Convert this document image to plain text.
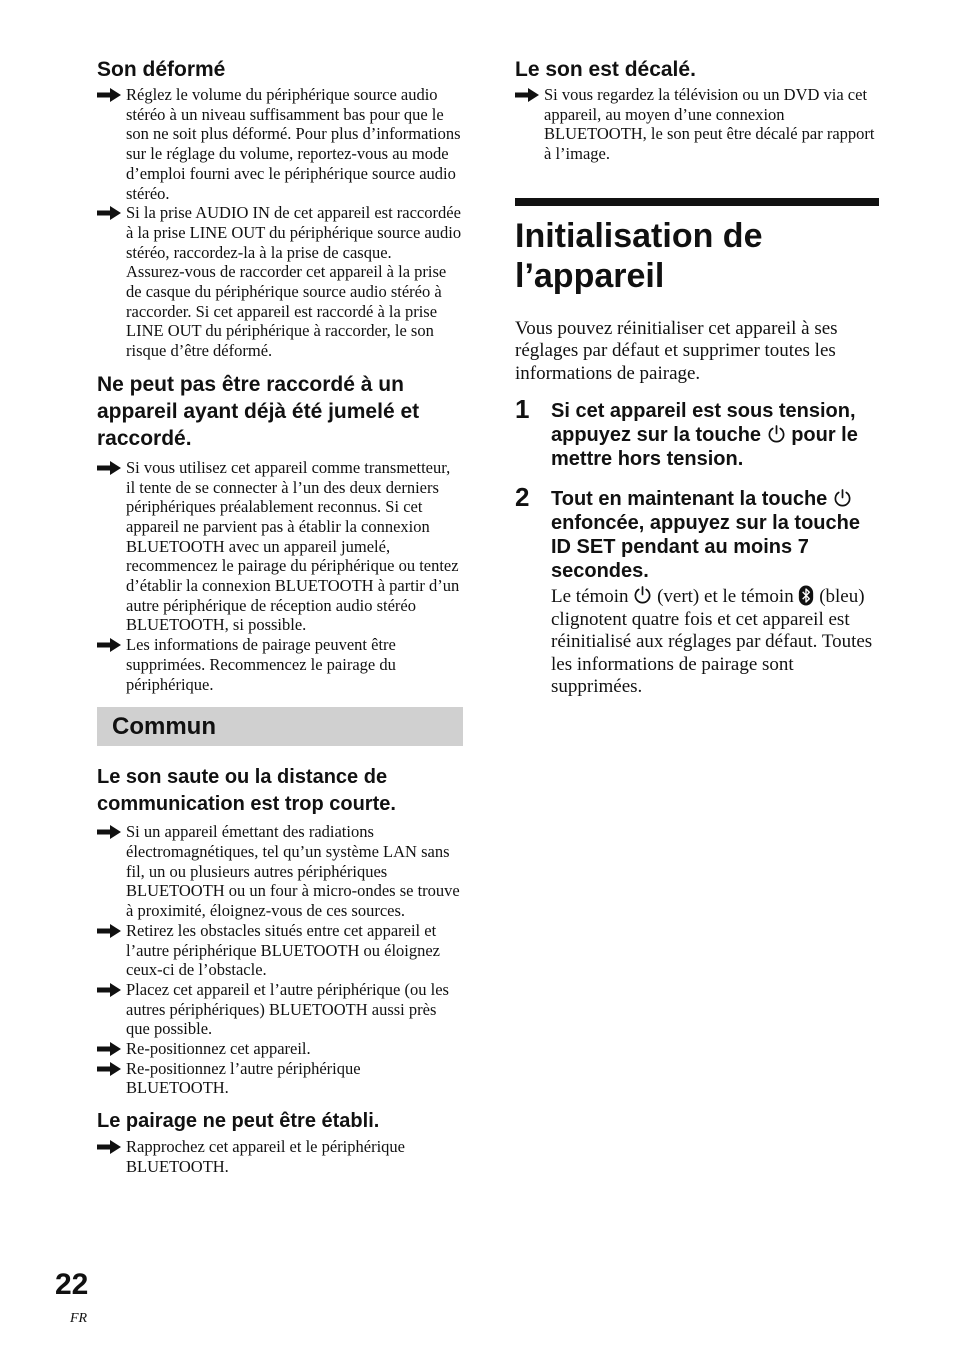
Son déformé
Réglez le volume du périphérique source audio stéréo à un niveau suffisamment bas pour que le son ne soit plus déformé. Pour plus d’informations sur le réglage du volume, reportez-vous au mode d’emploi fourni avec le périphérique source audio stéréo.
Si la prise AUDIO IN de cet appareil est raccordée à la prise LINE OUT du périphérique source audio stéréo, raccordez-la à la prise de casque.
Assurez-vous de raccorder cet appareil à la prise de casque du périphérique source audio stéréo à raccorder. Si cet appareil est raccordé à la prise LINE OUT du périphérique à raccorder, le son risque d’être déformé.
Ne peut pas être raccordé à un appareil ayant déjà été jumelé et raccordé.
Si vous utilisez cet appareil comme transmetteur, il tente de se connecter à l’un des deux derniers périphériques préalablement reconnus. Si cet appareil ne parvient pas à établir la connexion BLUETOOTH avec un appareil jumelé, recommencez le pairage du périphérique ou tentez d’établir la connexion BLUETOOTH à partir d’un autre périphérique de réception audio stéréo BLUETOOTH, si possible.
Les informations de pairage peuvent être supprimées. Recommencez le pairage du périphérique.
Commun
Le son saute ou la distance de communication est trop courte.
Si un appareil émettant des radiations électromagnétiques, tel qu’un système LAN sans fil, un ou plusieurs autres périphériques BLUETOOTH ou un four à micro-ondes se trouve à proximité, éloignez-vous de ces sources.
Retirez les obstacles situés entre cet appareil et l’autre périphérique BLUETOOTH ou éloignez ceux-ci de l’obstacle.
Placez cet appareil et l’autre périphérique (ou les autres périphériques) BLUETOOTH aussi près que possible.
Re-positionnez cet appareil.
Re-positionnez l’autre périphérique BLUETOOTH.
Le pairage ne peut être établi.
Rapprochez cet appareil et le périphérique BLUETOOTH.
Le son est décalé.
Si vous regardez la télévision ou un DVD via cet appareil, au moyen d’une connexion BLUETOOTH, le son peut être décalé par rapport à l’image.
Initialisation de l’appareil

Vous pouvez réinitialiser cet appareil à ses réglages par défaut et supprimer toutes les informations de pairage.

1 Si cet appareil est sous tension, appuyez sur la touche pour le mettre hors tension.

2 Tout en maintenant la touche  enfoncée, appuyez sur la touche ID SET pendant au moins 7 secondes.

Le témoin (vert) et le témoin (bleu) clignotent quatre fois et cet appareil est réinitialisé aux réglages par défaut. Toutes les informations de pairage sont supprimées.

22
FR
